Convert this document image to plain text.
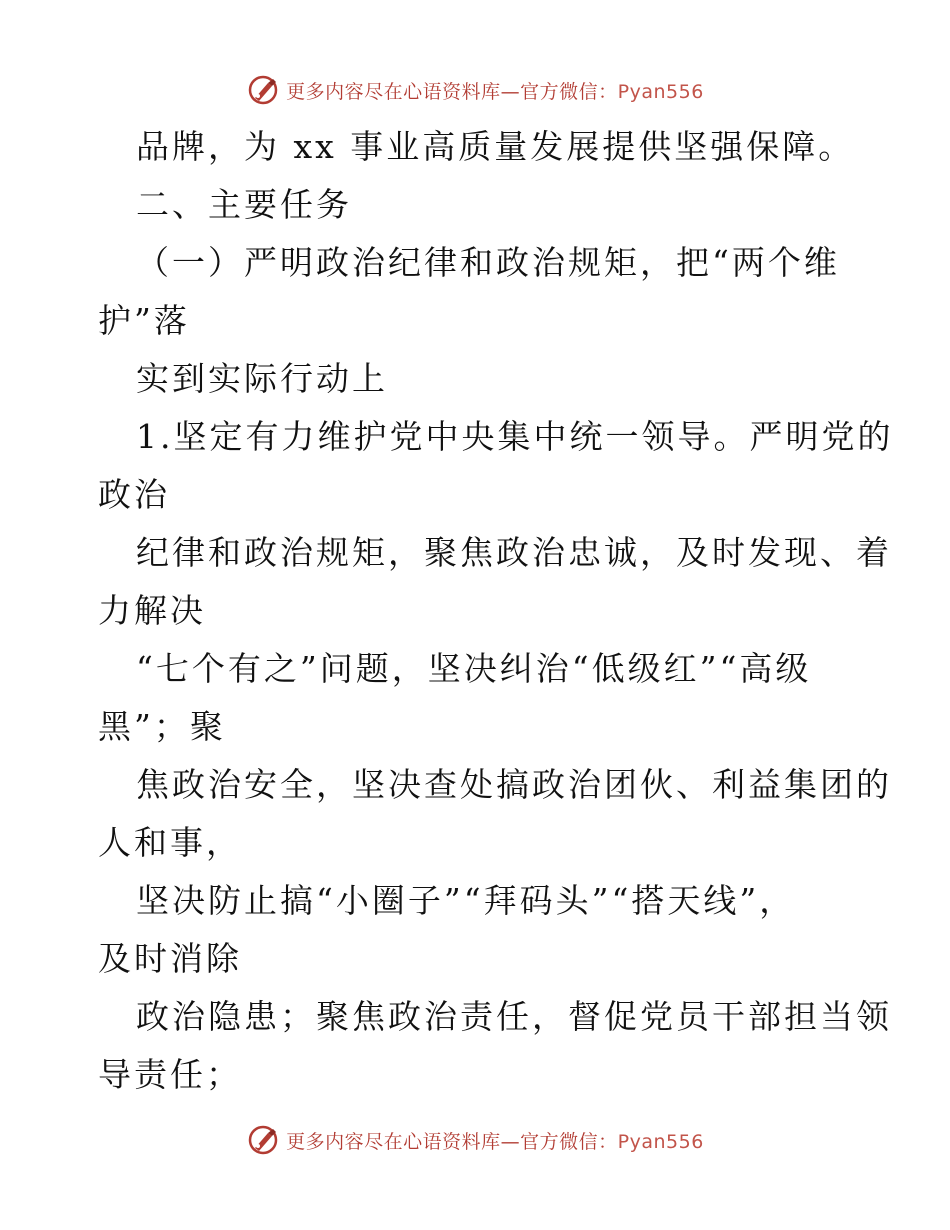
更多内容尽在心语资料库—官方微信：Pyan556
品牌，为 xx 事业高质量发展提供坚强保障。
二、主要任务
（一）严明政治纪律和政治规矩，把“两个维
护”落
实到实际行动上
1.坚定有力维护党中央集中统一领导。严明党的
政治
纪律和政治规矩，聚焦政治忠诚，及时发现、着
力解决
“七个有之”问题，坚决纠治“低级红”“高级
黑”；聚
焦政治安全，坚决查处搞政治团伙、利益集团的
人和事，
坚决防止搞“小圈子”“拜码头”“搭天线”，
及时消除
政治隐患；聚焦政治责任，督促党员干部担当领
导责任；
更多内容尽在心语资料库—官方微信：Pyan556
